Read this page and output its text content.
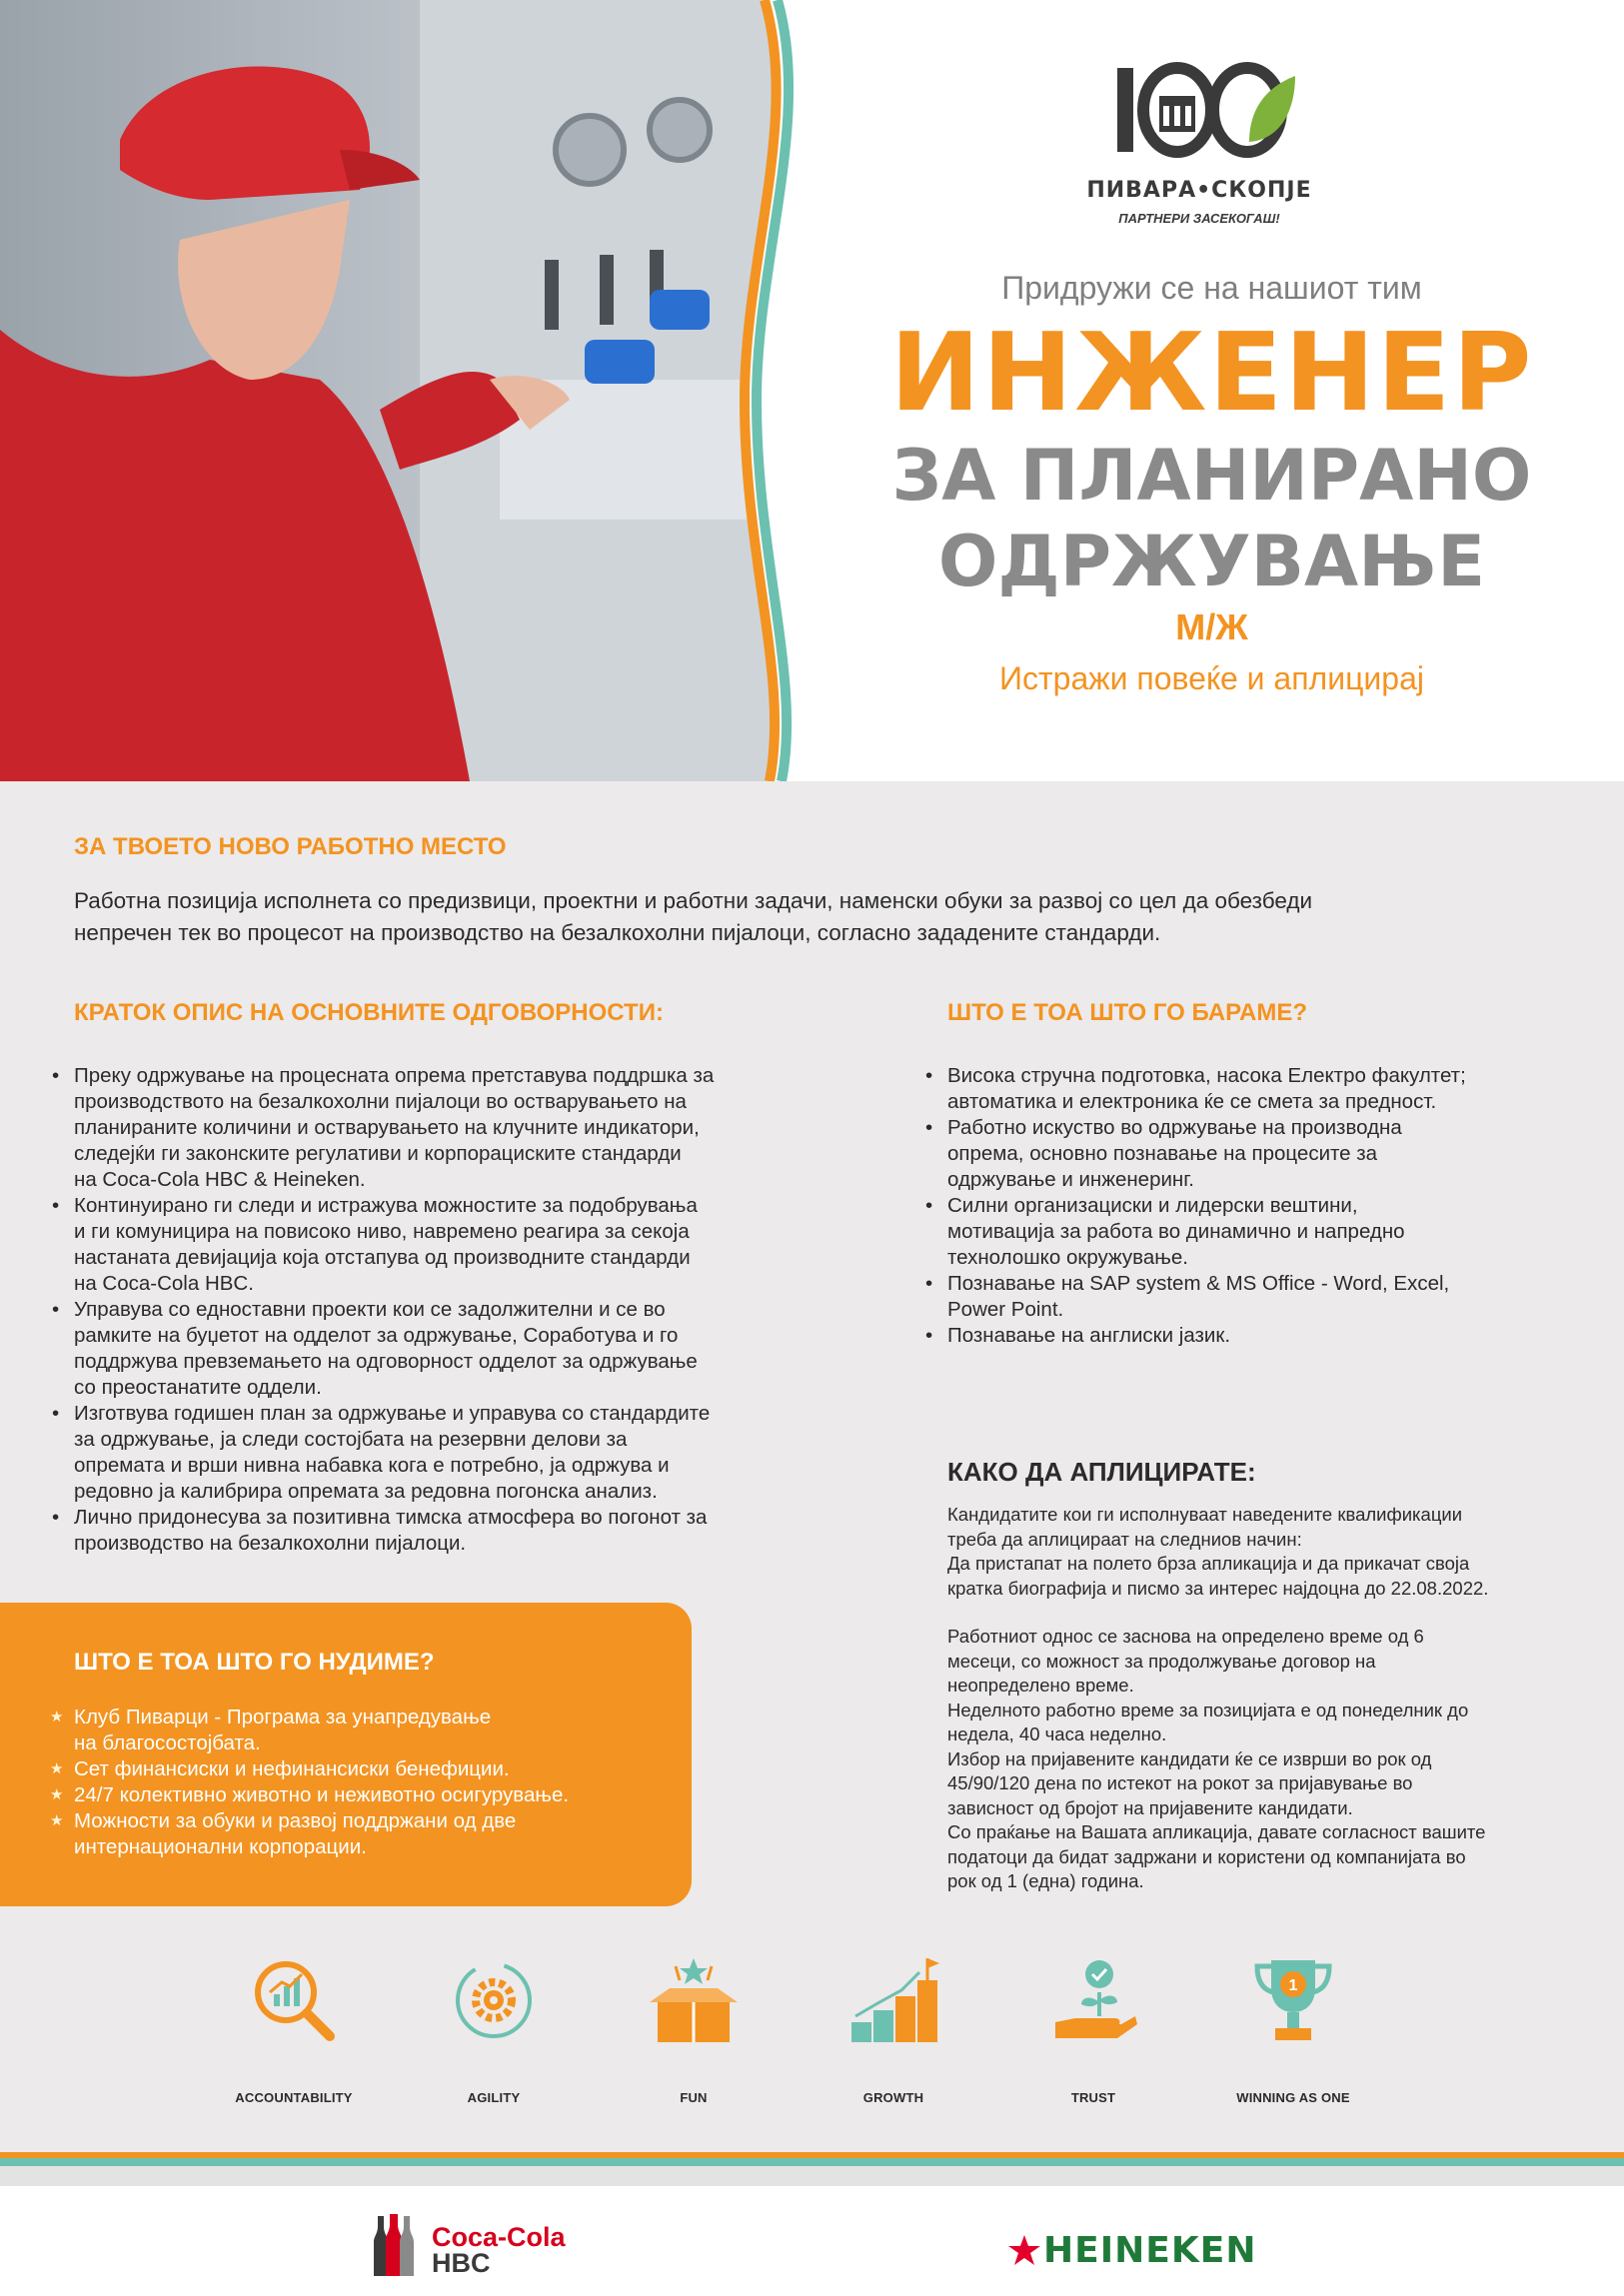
ПИВАРА•СКОПЈЕ
ПАРТНЕРИ ЗАСЕКОГАШ!
Придружи се на нашиот тим
ИНЖЕНЕР
ЗА ПЛАНИРАНО
ОДРЖУВАЊЕ
М/Ж
Истражи повеќе и аплицирај
ЗА ТВОЕТО НОВО РАБОТНО МЕСТО
Работна позиција исполнета со предизвици, проектни и работни задачи, наменски обуки за развој со цел да обезбеди
непречен тек во процесот на производство на безалкохолни пијалоци, согласно зададените стандарди.
КРАТОК ОПИС НА ОСНОВНИТЕ ОДГОВОРНОСТИ:
• Преку одржување на процесната опрема претставува поддршка за
производството на безалкохолни пијалоци во остварувањето на
планираните количини и остварувањето на клучните индикатори,
следејќи ги законските регулативи и корпорациските стандарди
на Coca-Cola HBC & Heineken.
• Континуирано ги следи и истражува можностите за подобрувања
и ги комуницира на повисоко ниво, навремено реагира за секоја
настаната девијација која отстапува од производните стандарди
на Coca-Cola HBC.
• Управува со едноставни проекти кои се задолжителни и се во
рамките на буџетот на одделот за одржување, Соработува и го
поддржува превземањето на одговорност одделот за одржување
со преостанатите оддели.
• Изготвува годишен план за одржување и управува со стандардите
за одржување, ја следи состојбата на резервни делови за
опремата и врши нивна набавка кога е потребно, ја одржува и
редовно ја калибрира опремата за редовна погонска анализ.
• Лично придонесува за позитивна тимска атмосфера во погонот за
производство на безалкохолни пијалоци.
ШТО Е ТОА ШТО ГО БАРАМЕ?
• Висока стручна подготовка, насока Електро факултет;
автоматика и електроника ќе се смета за предност.
• Работно искуство во одржување на производна
опрема, основно познавање на процесите за
одржување и инженеринг.
• Силни организациски и лидерски вештини,
мотивација за работа во динамично и напредно
технолошко окружување.
• Познавање на SAP system & MS Office - Word, Excel,
Power Point.
• Познавање на англиски јазик.
КАКО ДА АПЛИЦИРАТЕ:

Кандидатите кои ги исполнуваат наведените квалификации

треба да аплицираат на следниов начин:

Да пристапат на полето брза апликација и да прикачат своја

кратка биографија и писмо за интерес најдоцна до 22.08.2022.

Работниот однос се заснова на определено време од 6

месеци, со можност за продолжување договор на

неопределено време.

Неделното работно време за позицијата е од понеделник до

недела, 40 часа неделно.

Избор на пријавените кандидати ќе се изврши во рок од

45/90/120 дена по истекот на рокот за пријавување во

зависност од бројот на пријавените кандидати.

Со праќање на Вашата апликација, давате согласност вашите

податоци да бидат задржани и користени од компанијата во

рок од 1 (една) година.

ШТО Е ТОА ШТО ГО НУДИМЕ?
★ Клуб Пиварци - Програма за унапредување
на благосостојбата.
★ Сет финансиски и нефинансиски бенефиции.
★ 24/7 колективно животно и неживотно осигурување.
★ Можности за обуки и развој поддржани од две
интернационални корпорации.
ACCOUNTABILITY	AGILITY	FUN	GROWTH	TRUST
1
WINNING AS ONE
Coca-Cola
HBC	HEINEKEN
